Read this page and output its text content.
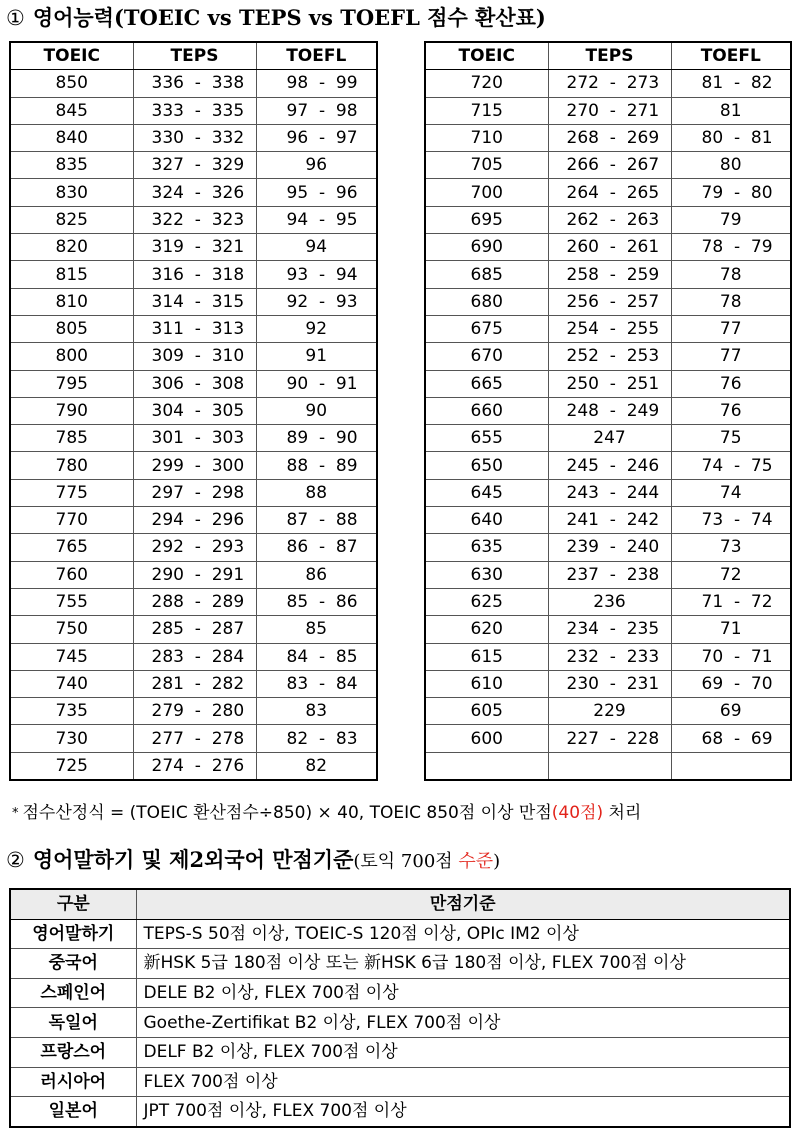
① 영어능력(TOEIC vs TEPS vs TOEFL 점수 환산표)
TOEIC	TEPS	TOEFL
850	336  -  338	98  -  99
845	333  -  335	97  -  98
840	330  -  332	96  -  97
835	327  -  329	96
830	324  -  326	95  -  96
825	322  -  323	94  -  95
820	319  -  321	94
815	316  -  318	93  -  94
810	314  -  315	92  -  93
805	311  -  313	92
800	309  -  310	91
795	306  -  308	90  -  91
790	304  -  305	90
785	301  -  303	89  -  90
780	299  -  300	88  -  89
775	297  -  298	88
770	294  -  296	87  -  88
765	292  -  293	86  -  87
760	290  -  291	86
755	288  -  289	85  -  86
750	285  -  287	85
745	283  -  284	84  -  85
740	281  -  282	83  -  84
735	279  -  280	83
730	277  -  278	82  -  83
725	274  -  276	82
TOEIC	TEPS	TOEFL
720	272  -  273	81  -  82
715	270  -  271	81
710	268  -  269	80  -  81
705	266  -  267	80
700	264  -  265	79  -  80
695	262  -  263	79
690	260  -  261	78  -  79
685	258  -  259	78
680	256  -  257	78
675	254  -  255	77
670	252  -  253	77
665	250  -  251	76
660	248  -  249	76
655	247	75
650	245  -  246	74  -  75
645	243  -  244	74
640	241  -  242	73  -  74
635	239  -  240	73
630	237  -  238	72
625	236	71  -  72
620	234  -  235	71
615	232  -  233	70  -  71
610	230  -  231	69  -  70
605	229	69
600	227  -  228	68  -  69

* 점수산정식 = (TOEIC 환산점수÷850) × 40, TOEIC 850점 이상 만점(40점) 처리
② 영어말하기 및 제2외국어 만점기준(토익 700점 수준)
구분	만점기준
영어말하기	TEPS-S 50점 이상, TOEIC-S 120점 이상, OPIc IM2 이상
중국어	新HSK 5급 180점 이상 또는 新HSK 6급 180점 이상, FLEX 700점 이상
스페인어	DELE B2 이상, FLEX 700점 이상
독일어	Goethe-Zertifikat B2 이상, FLEX 700점 이상
프랑스어	DELF B2 이상, FLEX 700점 이상
러시아어	FLEX 700점 이상
일본어	JPT 700점 이상, FLEX 700점 이상
